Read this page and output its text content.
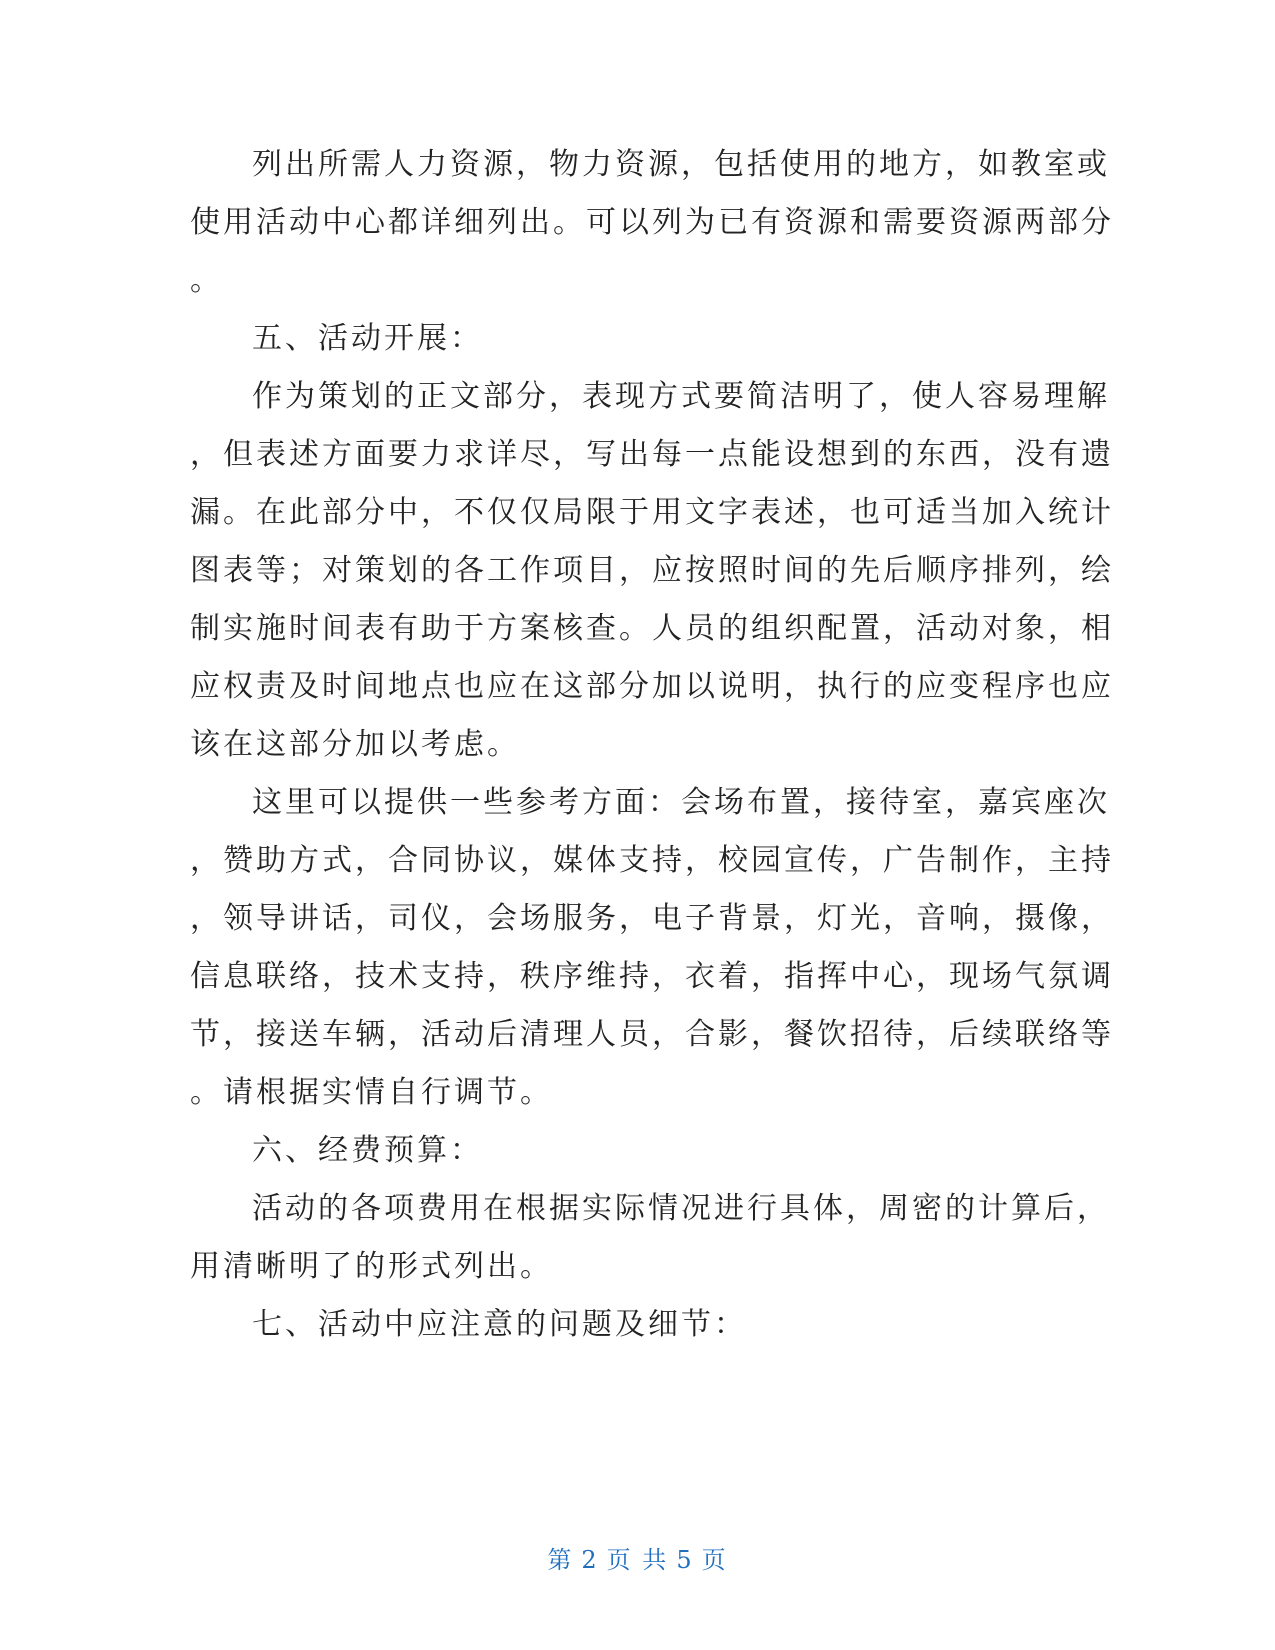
列出所需人力资源，物力资源，包括使用的地方，如教室或
使用活动中心都详细列出。可以列为已有资源和需要资源两部分
。
五、活动开展：
作为策划的正文部分，表现方式要简洁明了，使人容易理解
，但表述方面要力求详尽，写出每一点能设想到的东西，没有遗
漏。在此部分中，不仅仅局限于用文字表述，也可适当加入统计
图表等；对策划的各工作项目，应按照时间的先后顺序排列，绘
制实施时间表有助于方案核查。人员的组织配置，活动对象，相
应权责及时间地点也应在这部分加以说明，执行的应变程序也应
该在这部分加以考虑。
这里可以提供一些参考方面：会场布置，接待室，嘉宾座次
，赞助方式，合同协议，媒体支持，校园宣传，广告制作，主持
，领导讲话，司仪，会场服务，电子背景，灯光，音响，摄像，
信息联络，技术支持，秩序维持，衣着，指挥中心，现场气氛调
节，接送车辆，活动后清理人员，合影，餐饮招待，后续联络等
。请根据实情自行调节。
六、经费预算：
活动的各项费用在根据实际情况进行具体，周密的计算后，
用清晰明了的形式列出。
七、活动中应注意的问题及细节：
第 2 页 共 5 页
